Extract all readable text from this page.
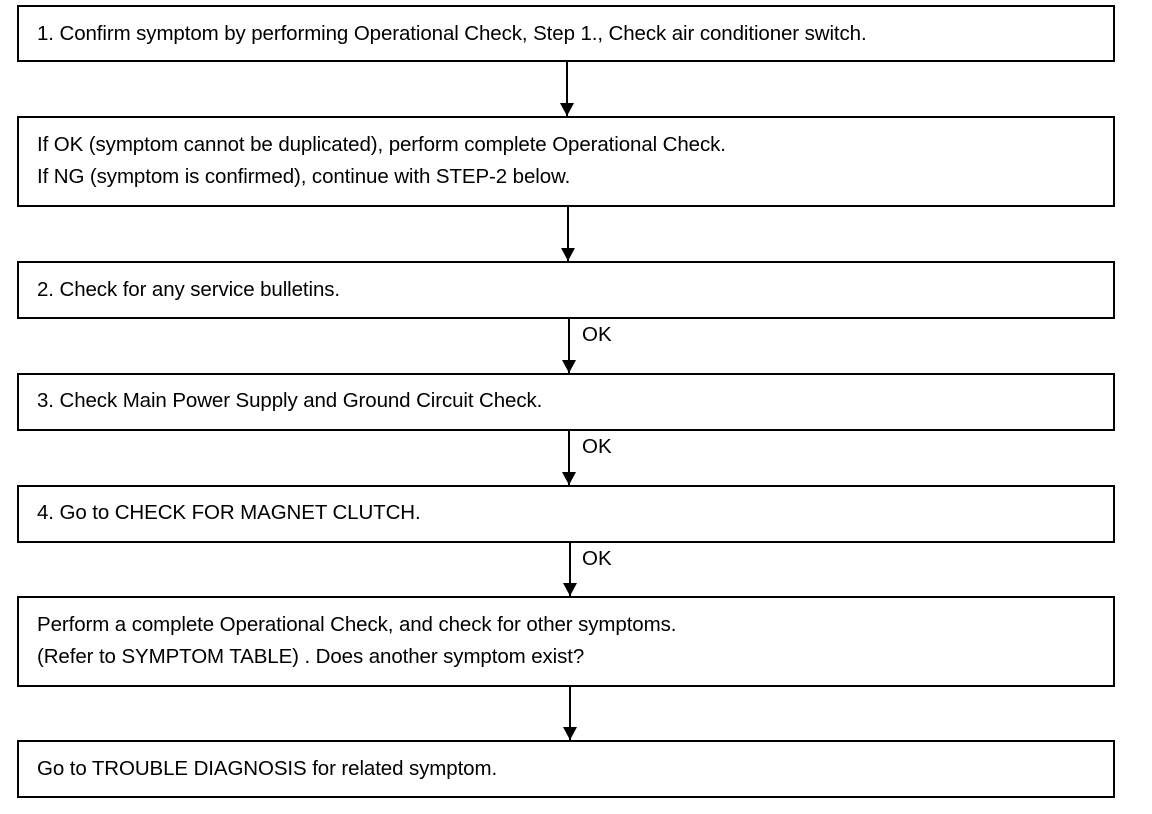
1. Confirm symptom by performing Operational Check, Step 1., Check air conditioner switch.
If OK (symptom cannot be duplicated), perform complete Operational Check.
If NG (symptom is confirmed), continue with STEP-2 below.
2. Check for any service bulletins.
OK
3. Check Main Power Supply and Ground Circuit Check.
OK
4. Go to CHECK FOR MAGNET CLUTCH.
OK
Perform a complete Operational Check, and check for other symptoms.
(Refer to SYMPTOM TABLE) . Does another symptom exist?
Go to TROUBLE DIAGNOSIS for related symptom.
